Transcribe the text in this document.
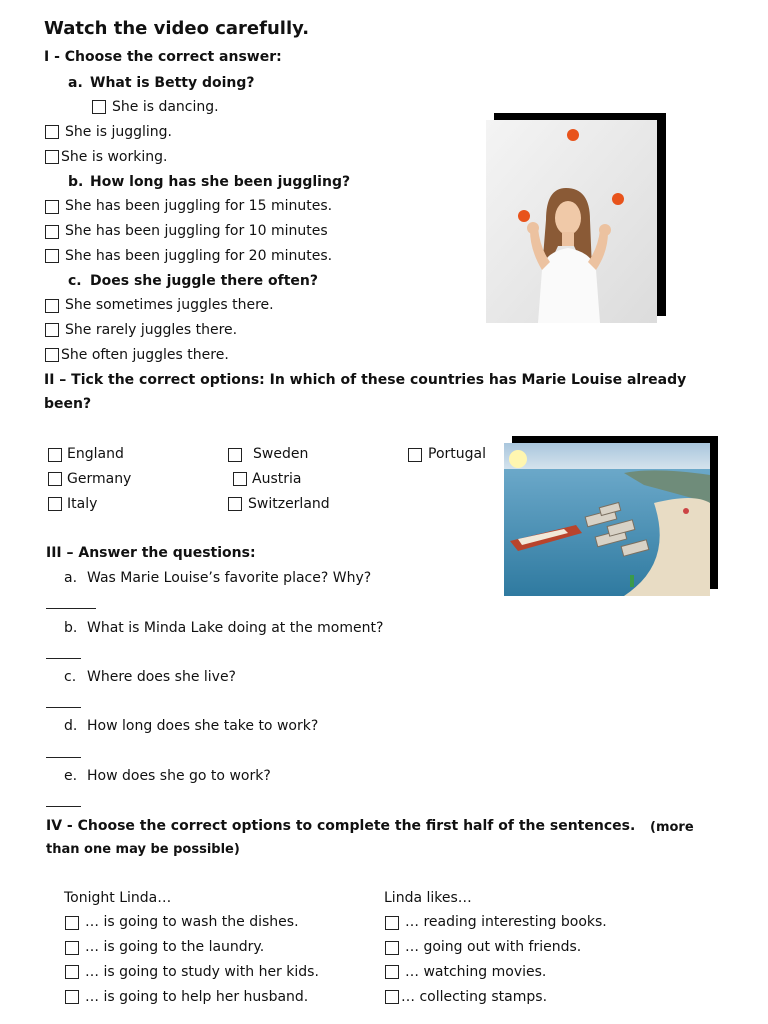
Watch the video carefully.
I - Choose the correct answer:
a. What is Betty doing?
She is dancing.
She is juggling.
She is working.
b. How long has she been juggling?
She has been juggling for 15 minutes.
She has been juggling for 10 minutes
She has been juggling for 20 minutes.
c. Does she juggle there often?
She sometimes juggles there.
She rarely juggles there.
She often juggles there.
II – Tick the correct options: In which of these countries has Marie Louise already
been?
England
Germany
Italy
Sweden
Austria
Switzerland
Portugal
III – Answer the questions:
a. Was Marie Louise’s favorite place? Why?
b. What is Minda Lake doing at the moment?
c. Where does she live?
d. How long does she take to work?
e. How does she go to work?
IV - Choose the correct options to complete the first half of the sentences. (more
than one may be possible)
Tonight Linda…
… is going to wash the dishes.
… is going to the laundry.
… is going to study with her kids.
… is going to help her husband.
Linda likes…
… reading interesting books.
… going out with friends.
… watching movies.
… collecting stamps.
